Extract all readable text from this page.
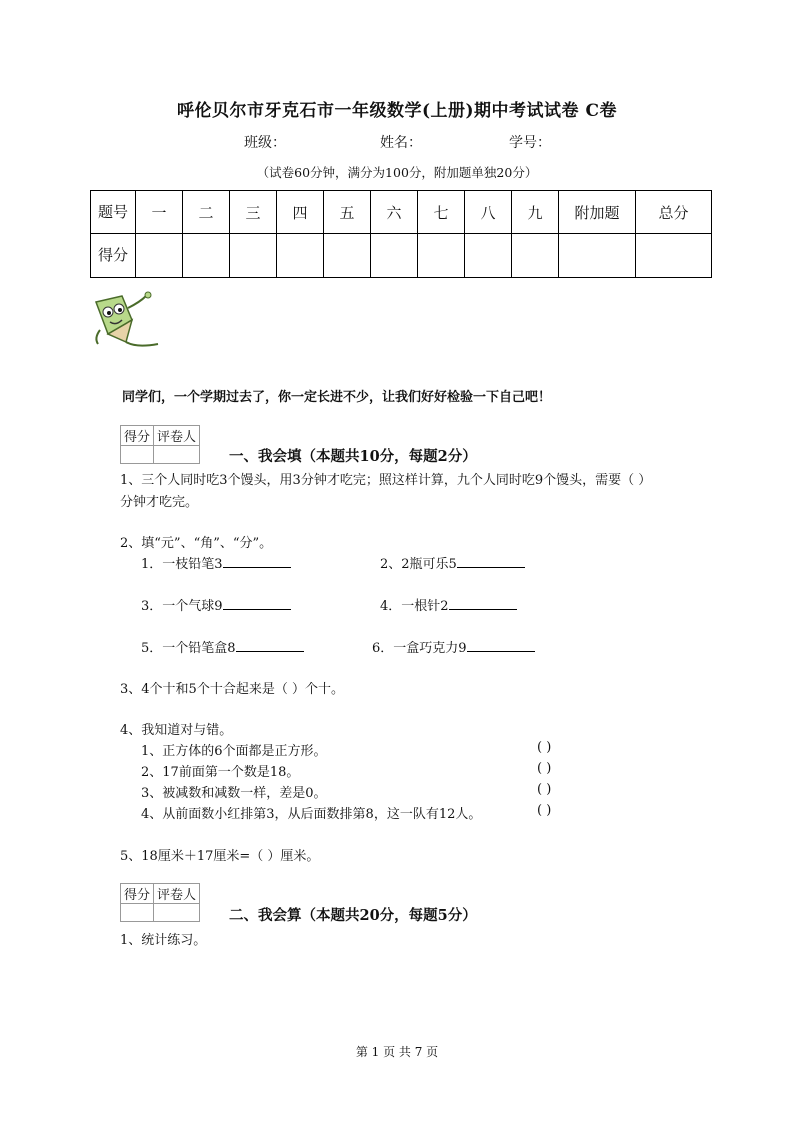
呼伦贝尔市牙克石市一年级数学(上册)期中考试试卷 C卷
班级：	姓名：	学号：
（试卷60分钟，满分为100分，附加题单独20分）
题号	一	二	三	四	五	六	七	八	九	附加题	总分
得分											
同学们，一个学期过去了，你一定长进不少，让我们好好检验一下自己吧！
得分	评卷人

一、我会填（本题共10分，每题2分）
1、三个人同时吃3个馒头，用3分钟才吃完；照这样计算，九个人同时吃9个馒头，需要（ ）
分钟才吃完。
2、填“元”、“角”、“分”。
1．一枝铅笔3	2、2瓶可乐5
3．一个气球9	4．一根针2
5．一个铅笔盒8	6．一盒巧克力9
3、4个十和5个十合起来是（ ）个十。
4、我知道对与错。
1、正方体的6个面都是正方形。	( )
2、17前面第一个数是18。	( )
3、被减数和减数一样，差是0。	( )
4、从前面数小红排第3，从后面数排第8，这一队有12人。	( )
5、18厘米＋17厘米=（ ）厘米。
得分	评卷人

二、我会算（本题共20分，每题5分）
1、统计练习。
第 1 页 共 7 页
